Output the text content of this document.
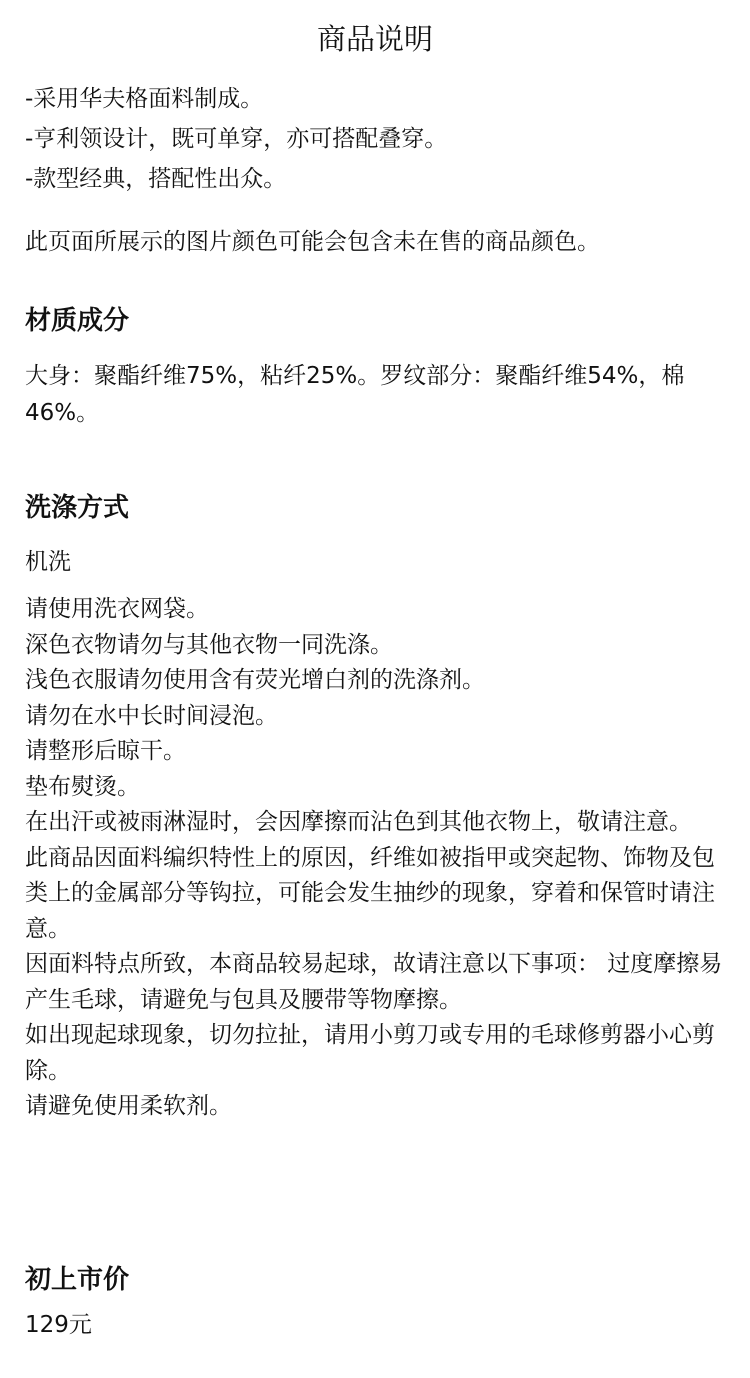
商品说明
-采用华夫格面料制成。
-亨利领设计，既可单穿，亦可搭配叠穿。
-款型经典，搭配性出众。
此页面所展示的图片颜色可能会包含未在售的商品颜色。
材质成分
大身：聚酯纤维75%，粘纤25%。罗纹部分：聚酯纤维54%，棉46%。
洗涤方式
机洗
请使用洗衣网袋。
深色衣物请勿与其他衣物一同洗涤。
浅色衣服请勿使用含有荧光增白剂的洗涤剂。
请勿在水中长时间浸泡。
请整形后晾干。
垫布熨烫。
在出汗或被雨淋湿时，会因摩擦而沾色到其他衣物上，敬请注意。
此商品因面料编织特性上的原因，纤维如被指甲或突起物、饰物及包类上的金属部分等钩拉，可能会发生抽纱的现象，穿着和保管时请注意。
因面料特点所致，本商品较易起球，故请注意以下事项： 过度摩擦易产生毛球，请避免与包具及腰带等物摩擦。
如出现起球现象，切勿拉扯，请用小剪刀或专用的毛球修剪器小心剪除。
请避免使用柔软剂。
初上市价
129元
